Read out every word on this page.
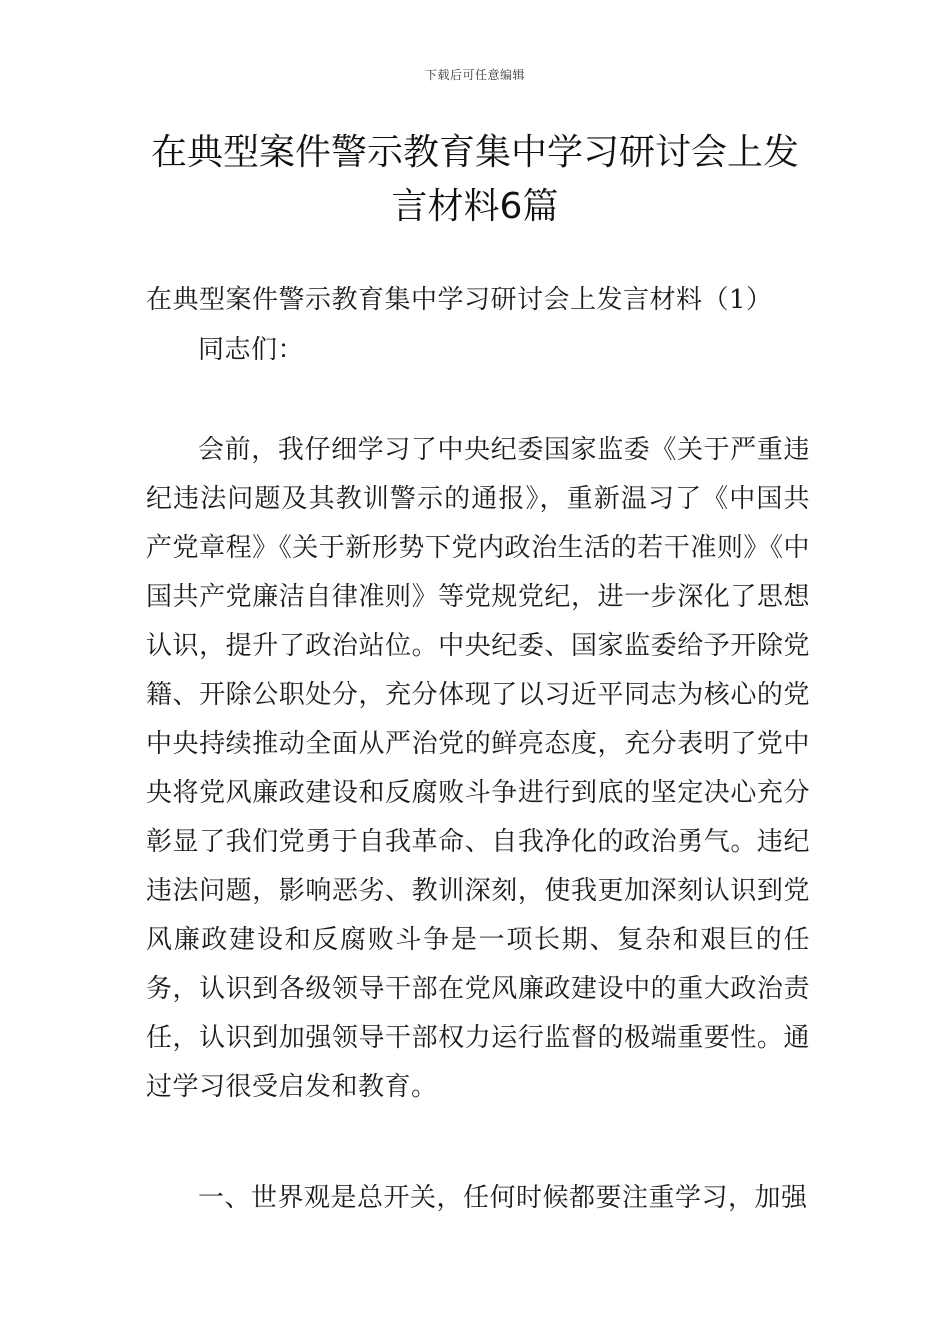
下载后可任意编辑
在典型案件警示教育集中学习研讨会上发言材料6篇

在典型案件警示教育集中学习研讨会上发言材料（1）

同志们：

会前，我仔细学习了中央纪委国家监委《关于严重违纪违法问题及其教训警示的通报》，重新温习了《中国共产党章程》《关于新形势下党内政治生活的若干准则》《中国共产党廉洁自律准则》等党规党纪，进一步深化了思想认识，提升了政治站位。中央纪委、国家监委给予开除党籍、开除公职处分，充分体现了以习近平同志为核心的党中央持续推动全面从严治党的鲜亮态度，充分表明了党中央将党风廉政建设和反腐败斗争进行到底的坚定决心充分彰显了我们党勇于自我革命、自我净化的政治勇气。违纪违法问题，影响恶劣、教训深刻，使我更加深刻认识到党风廉政建设和反腐败斗争是一项长期、复杂和艰巨的任务，认识到各级领导干部在党风廉政建设中的重大政治责任，认识到加强领导干部权力运行监督的极端重要性。通过学习很受启发和教育。

一、世界观是总开关，任何时候都要注重学习，加强
